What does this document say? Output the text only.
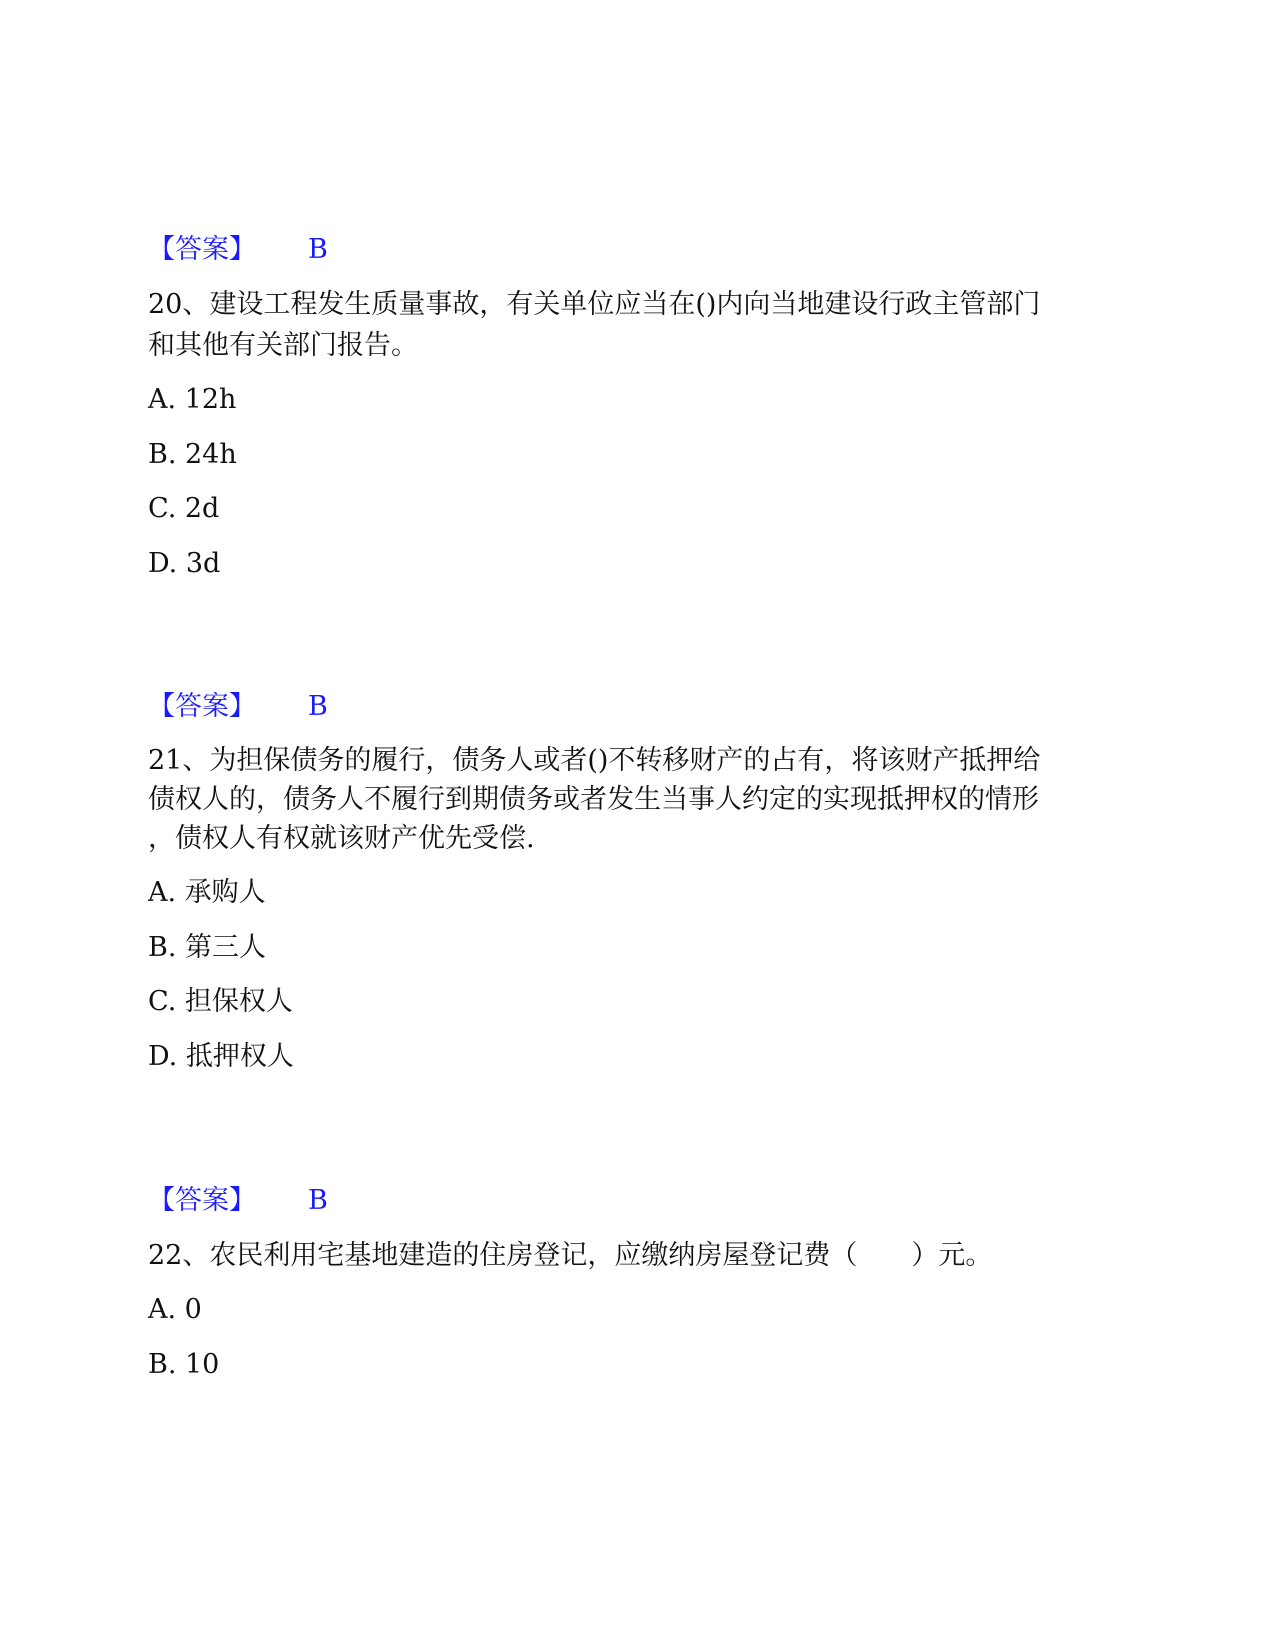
【答案】 B
20、建设工程发生质量事故，有关单位应当在()内向当地建设行政主管部门
和其他有关部门报告。
A. 12h
B. 24h
C. 2d
D. 3d
【答案】 B
21、为担保债务的履行，债务人或者()不转移财产的占有，将该财产抵押给
债权人的，债务人不履行到期债务或者发生当事人约定的实现抵押权的情形
，债权人有权就该财产优先受偿.
A. 承购人
B. 第三人
C. 担保权人
D. 抵押权人
【答案】 B
22、农民利用宅基地建造的住房登记，应缴纳房屋登记费（　　）元。
A. 0
B. 10
